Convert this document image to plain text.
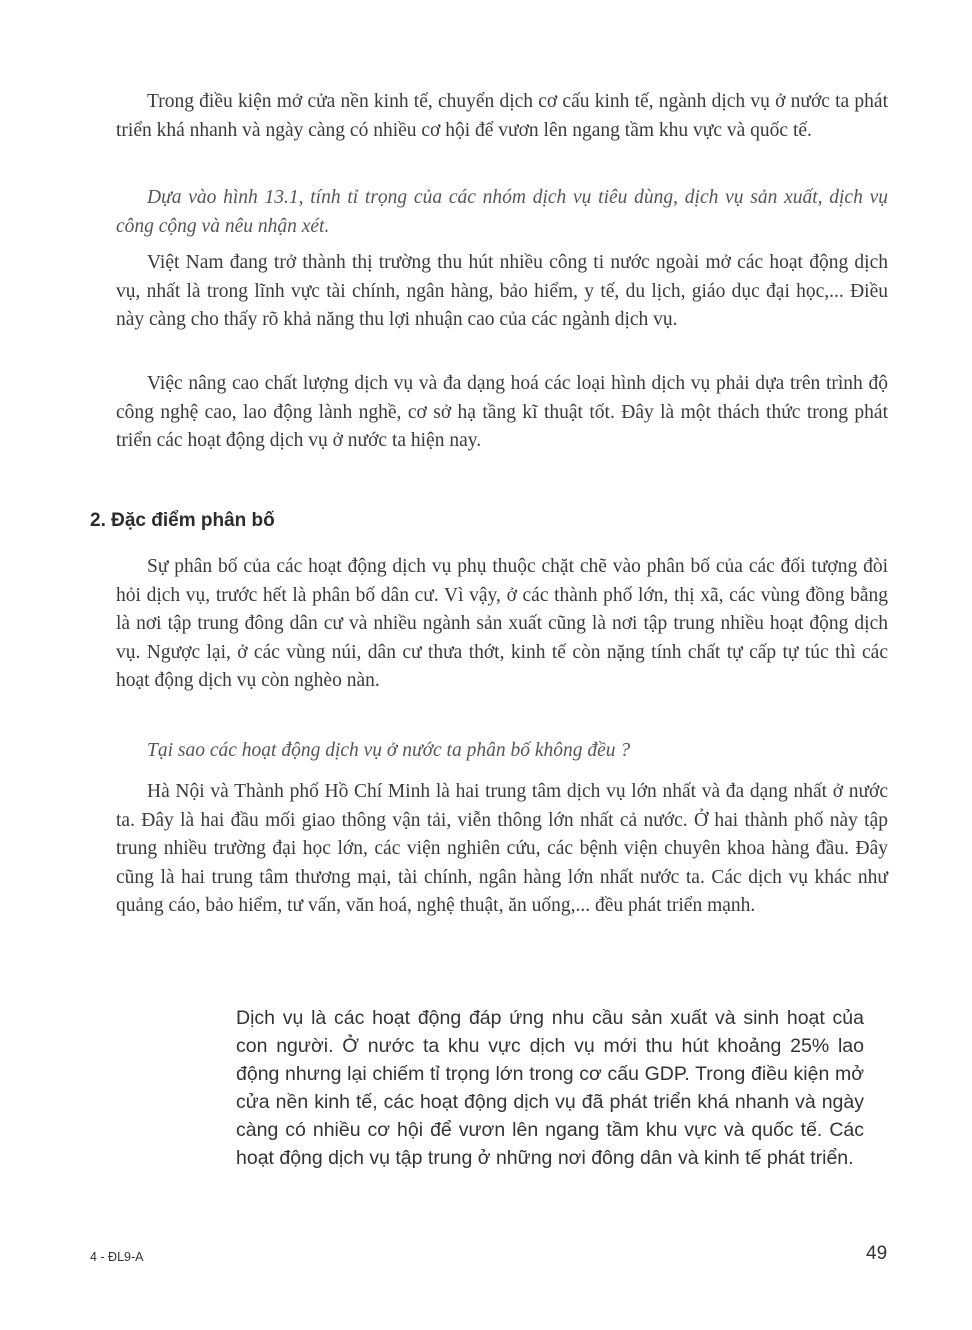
Trong điều kiện mở cửa nền kinh tế, chuyển dịch cơ cấu kinh tế, ngành dịch vụ ở nước ta phát triển khá nhanh và ngày càng có nhiều cơ hội để vươn lên ngang tầm khu vực và quốc tế.

Dựa vào hình 13.1, tính tỉ trọng của các nhóm dịch vụ tiêu dùng, dịch vụ sản xuất, dịch vụ công cộng và nêu nhận xét.

Việt Nam đang trở thành thị trường thu hút nhiều công ti nước ngoài mở các hoạt động dịch vụ, nhất là trong lĩnh vực tài chính, ngân hàng, bảo hiểm, y tế, du lịch, giáo dục đại học,... Điều này càng cho thấy rõ khả năng thu lợi nhuận cao của các ngành dịch vụ.

Việc nâng cao chất lượng dịch vụ và đa dạng hoá các loại hình dịch vụ phải dựa trên trình độ công nghệ cao, lao động lành nghề, cơ sở hạ tầng kĩ thuật tốt. Đây là một thách thức trong phát triển các hoạt động dịch vụ ở nước ta hiện nay.

2. Đặc điểm phân bố

Sự phân bố của các hoạt động dịch vụ phụ thuộc chặt chẽ vào phân bố của các đối tượng đòi hỏi dịch vụ, trước hết là phân bố dân cư. Vì vậy, ở các thành phố lớn, thị xã, các vùng đồng bằng là nơi tập trung đông dân cư và nhiều ngành sản xuất cũng là nơi tập trung nhiều hoạt động dịch vụ. Ngược lại, ở các vùng núi, dân cư thưa thớt, kinh tế còn nặng tính chất tự cấp tự túc thì các hoạt động dịch vụ còn nghèo nàn.

Tại sao các hoạt động dịch vụ ở nước ta phân bố không đều ?

Hà Nội và Thành phố Hồ Chí Minh là hai trung tâm dịch vụ lớn nhất và đa dạng nhất ở nước ta. Đây là hai đầu mối giao thông vận tải, viễn thông lớn nhất cả nước. Ở hai thành phố này tập trung nhiều trường đại học lớn, các viện nghiên cứu, các bệnh viện chuyên khoa hàng đầu. Đây cũng là hai trung tâm thương mại, tài chính, ngân hàng lớn nhất nước ta. Các dịch vụ khác như quảng cáo, bảo hiểm, tư vấn, văn hoá, nghệ thuật, ăn uống,... đều phát triển mạnh.

Dịch vụ là các hoạt động đáp ứng nhu cầu sản xuất và sinh hoạt của con người. Ở nước ta khu vực dịch vụ mới thu hút khoảng 25% lao động nhưng lại chiếm tỉ trọng lớn trong cơ cấu GDP. Trong điều kiện mở cửa nền kinh tế, các hoạt động dịch vụ đã phát triển khá nhanh và ngày càng có nhiều cơ hội để vươn lên ngang tầm khu vực và quốc tế. Các hoạt động dịch vụ tập trung ở những nơi đông dân và kinh tế phát triển.

4 - ĐL9-A	49
